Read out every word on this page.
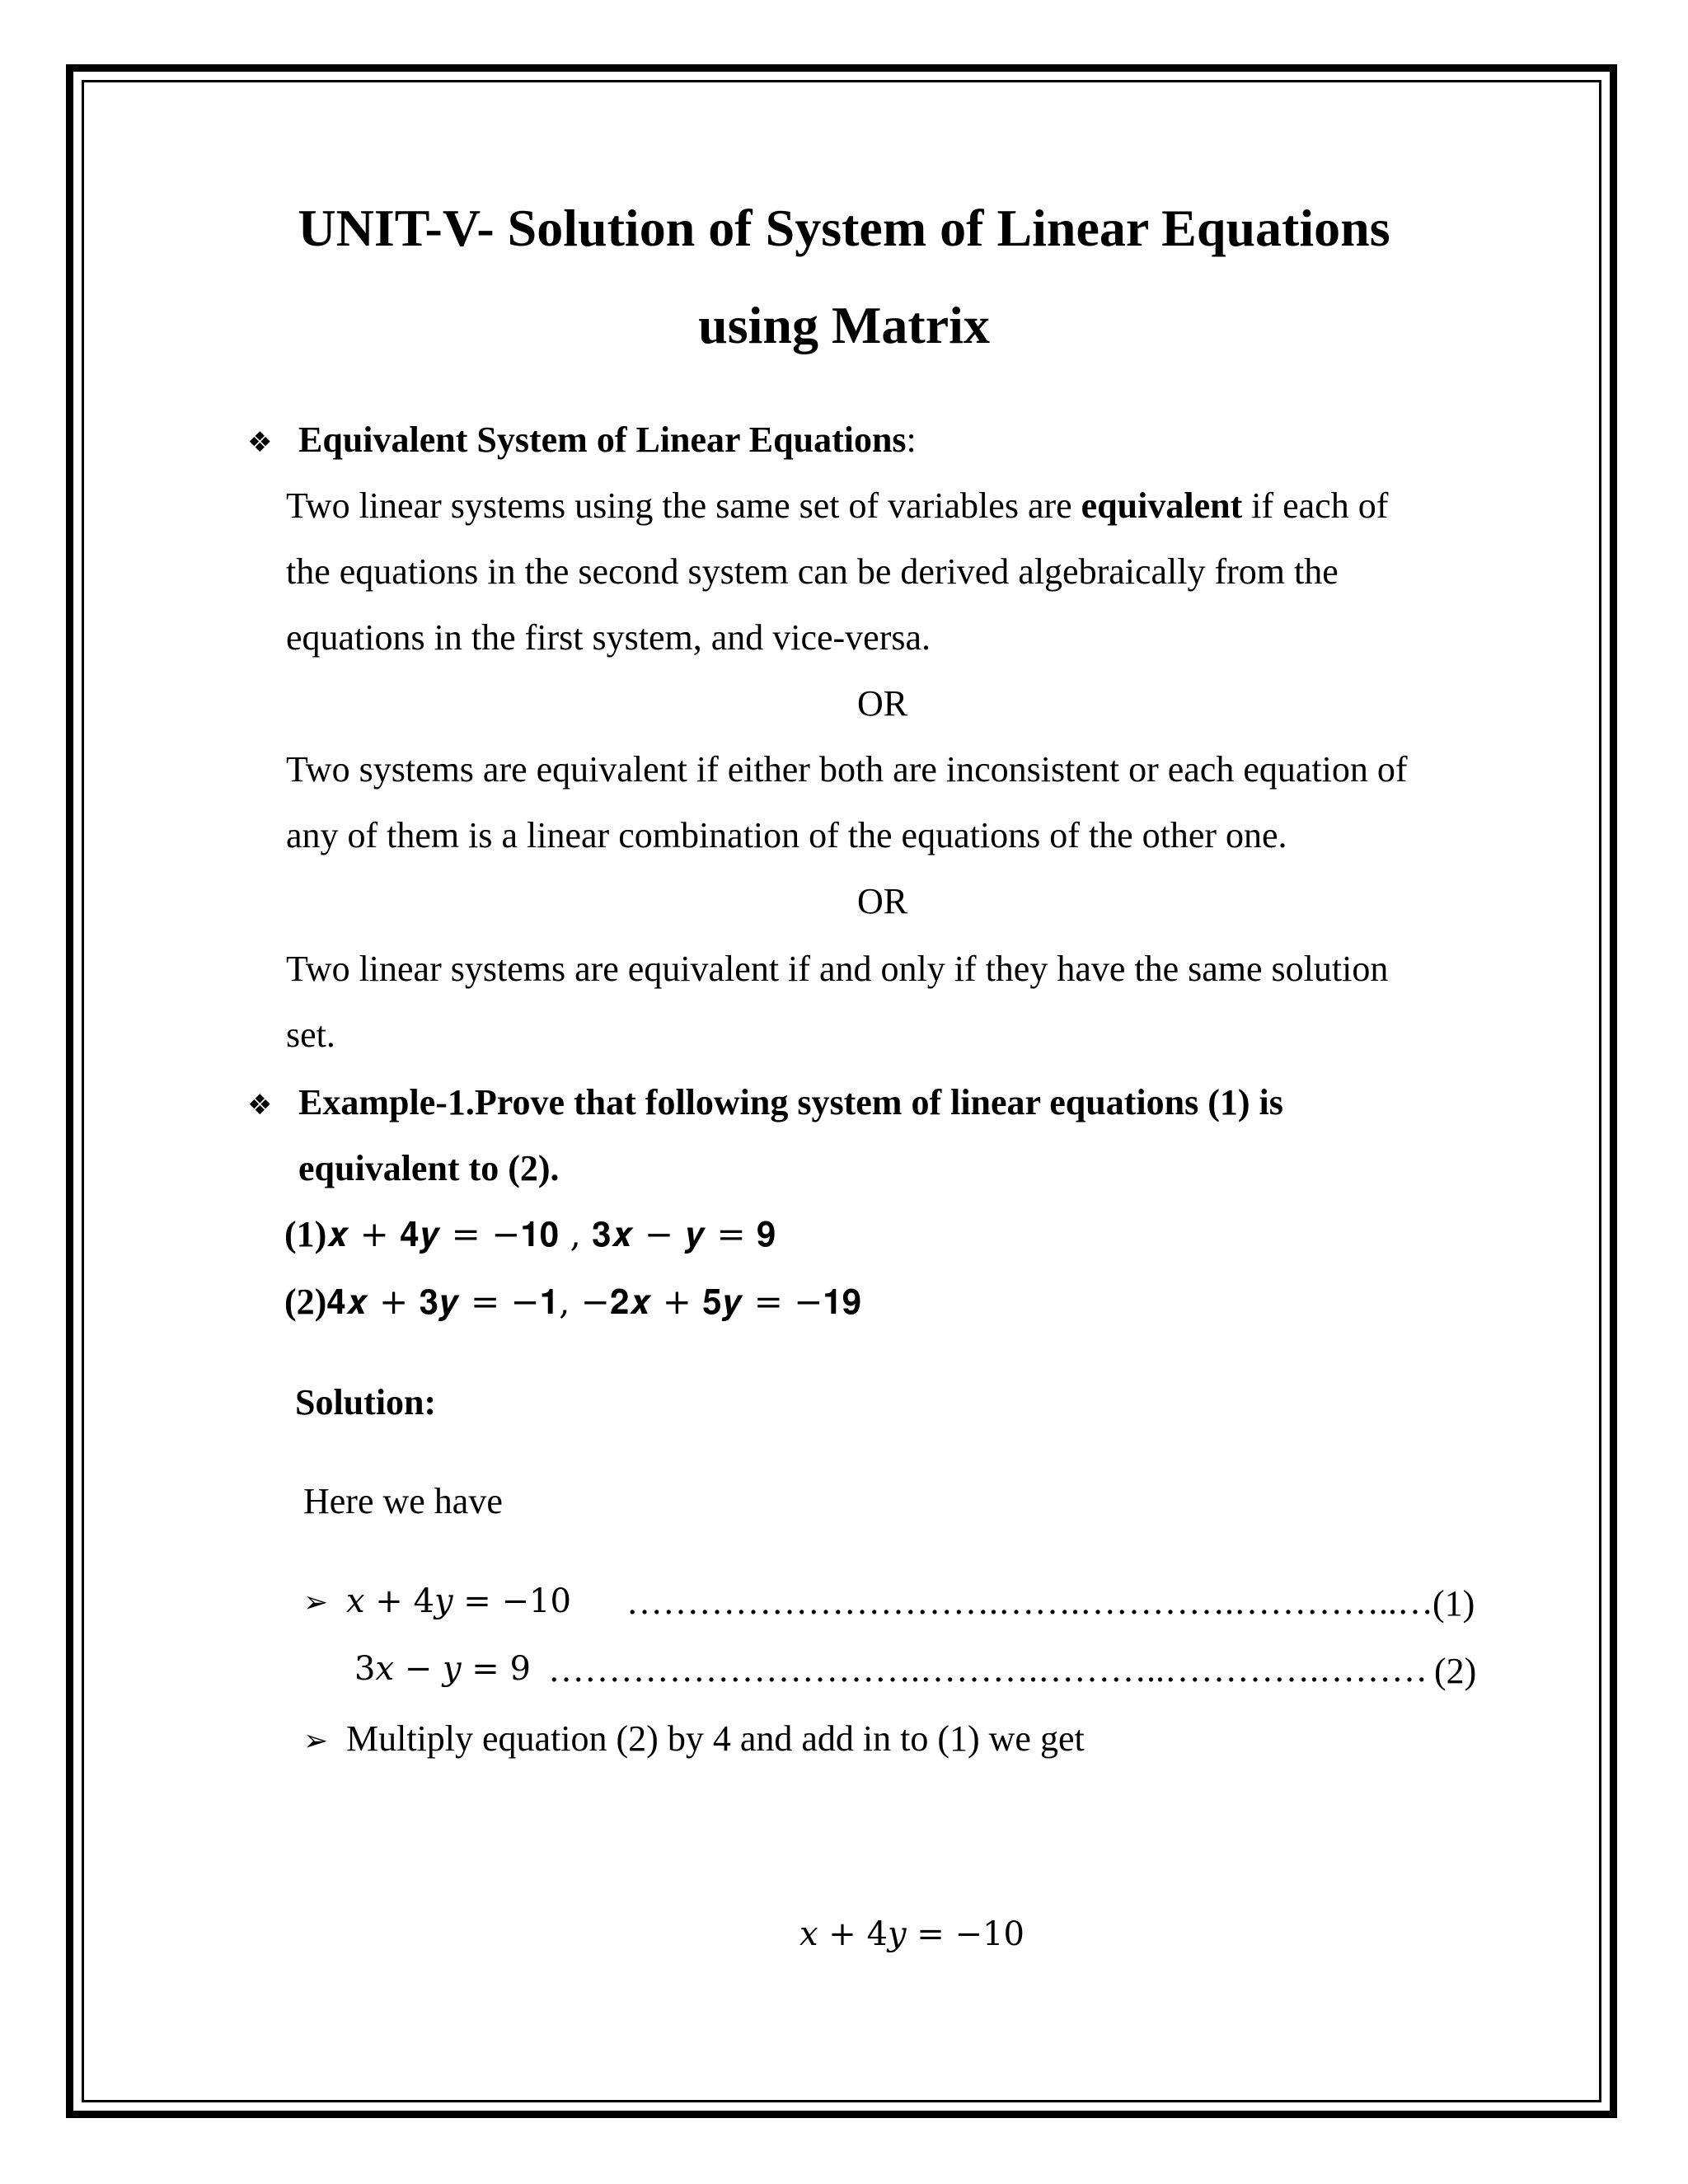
UNIT-V- Solution of System of Linear Equations
using Matrix
❖ Equivalent System of Linear Equations:
Two linear systems using the same set of variables are equivalent if each of
the equations in the second system can be derived algebraically from the
equations in the first system, and vice-versa.
OR
Two systems are equivalent if either both are inconsistent or each equation of
any of them is a linear combination of the equations of the other one.
OR
Two linear systems are equivalent if and only if they have the same solution
set.
❖ Example-1.Prove that following system of linear equations (1) is
equivalent to (2).
(1)𝒙 + 𝟒𝒚 = −𝟏𝟎 , 𝟑𝒙 − 𝒚 = 𝟗
(2)𝟒𝒙 + 𝟑𝒚 = −𝟏, −𝟐𝒙 + 𝟓𝒚 = −𝟏𝟗
Solution:
Here we have
➢ 𝑥 + 4𝑦 = −10 ………………………….…….………….…………..… (1)
3𝑥 − 𝑦 = 9 ………………………….……….………..………….……… (2)
➢ Multiply equation (2) by 4 and add in to (1) we get
𝑥 + 4𝑦 = −10
